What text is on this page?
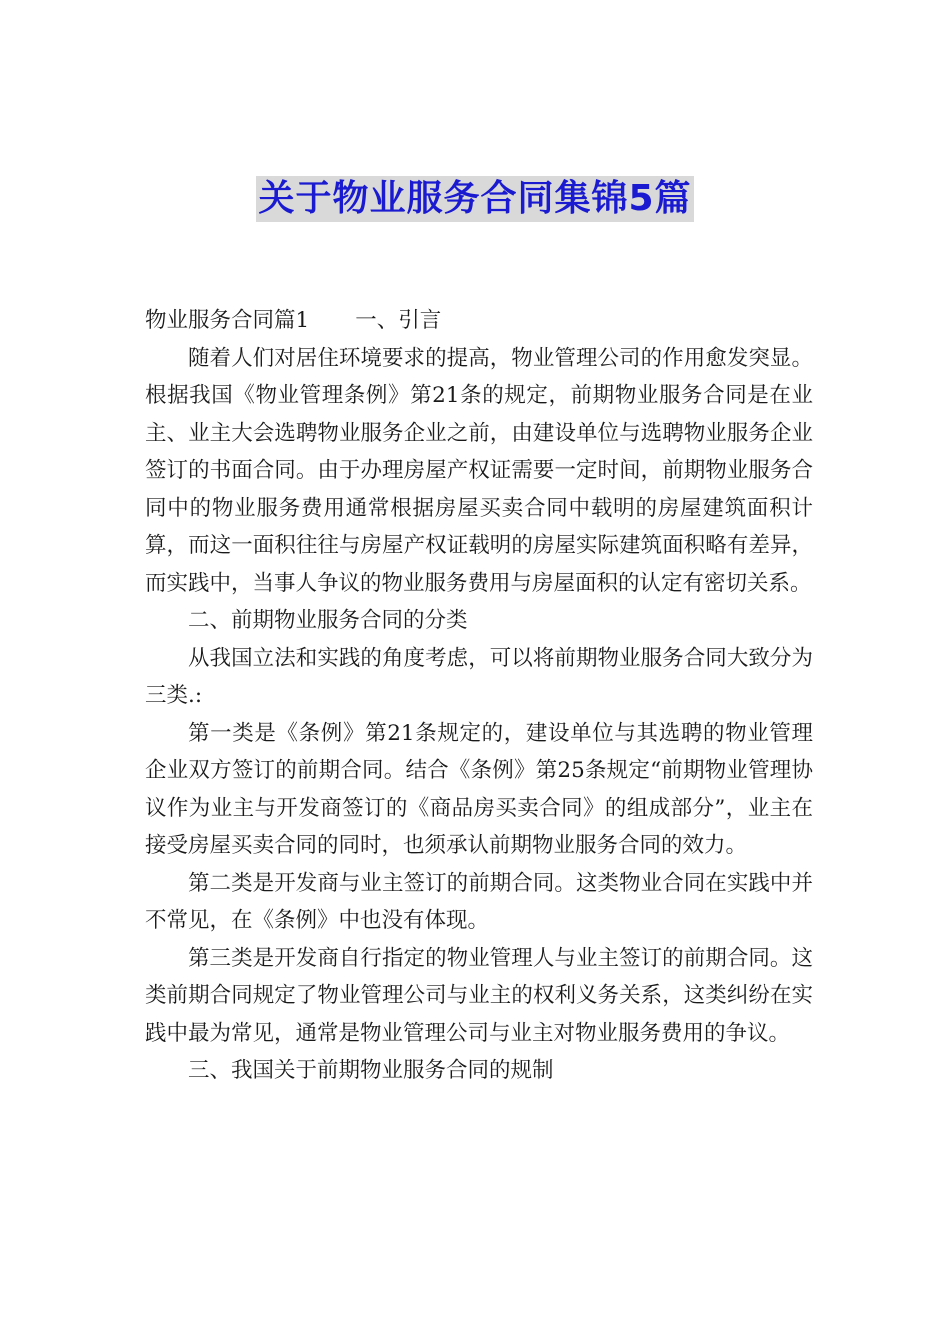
关于物业服务合同集锦5篇

物业服务合同篇1 一、引言

随着人们对居住环境要求的提高，物业管理公司的作用愈发突显。根据我国《物业管理条例》第21条的规定，前期物业服务合同是在业主、业主大会选聘物业服务企业之前，由建设单位与选聘物业服务企业签订的书面合同。由于办理房屋产权证需要一定时间，前期物业服务合同中的物业服务费用通常根据房屋买卖合同中载明的房屋建筑面积计算，而这一面积往往与房屋产权证载明的房屋实际建筑面积略有差异，而实践中，当事人争议的物业服务费用与房屋面积的认定有密切关系。

二、前期物业服务合同的分类

从我国立法和实践的角度考虑，可以将前期物业服务合同大致分为三类.:

第一类是《条例》第21条规定的，建设单位与其选聘的物业管理企业双方签订的前期合同。结合《条例》第25条规定“前期物业管理协议作为业主与开发商签订的《商品房买卖合同》的组成部分”，业主在接受房屋买卖合同的同时，也须承认前期物业服务合同的效力。

第二类是开发商与业主签订的前期合同。这类物业合同在实践中并不常见，在《条例》中也没有体现。

第三类是开发商自行指定的物业管理人与业主签订的前期合同。这类前期合同规定了物业管理公司与业主的权利义务关系，这类纠纷在实践中最为常见，通常是物业管理公司与业主对物业服务费用的争议。

三、我国关于前期物业服务合同的规制
